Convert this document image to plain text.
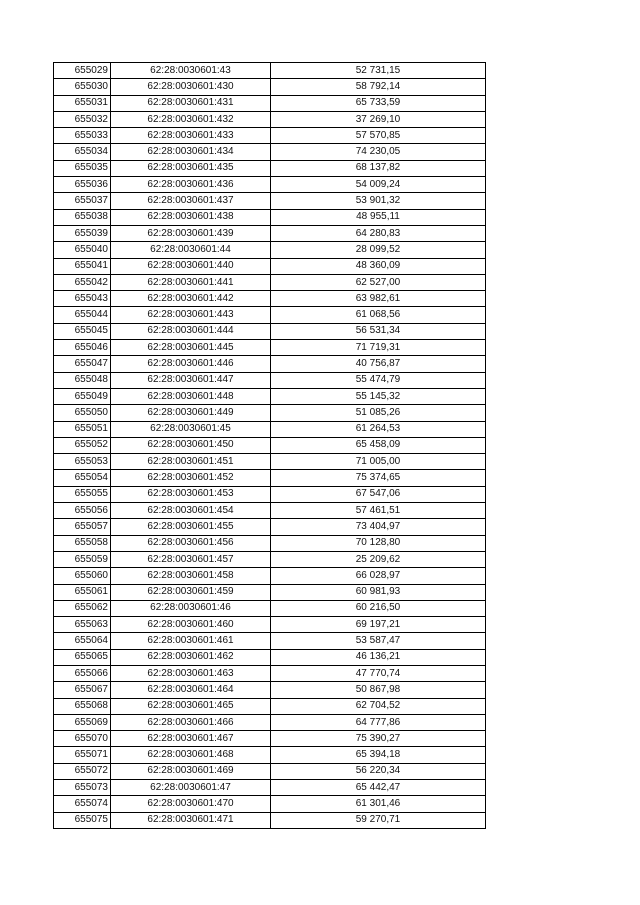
655029	62:28:0030601:43	52 731,15
655030	62:28:0030601:430	58 792,14
655031	62:28:0030601:431	65 733,59
655032	62:28:0030601:432	37 269,10
655033	62:28:0030601:433	57 570,85
655034	62:28:0030601:434	74 230,05
655035	62:28:0030601:435	68 137,82
655036	62:28:0030601:436	54 009,24
655037	62:28:0030601:437	53 901,32
655038	62:28:0030601:438	48 955,11
655039	62:28:0030601:439	64 280,83
655040	62:28:0030601:44	28 099,52
655041	62:28:0030601:440	48 360,09
655042	62:28:0030601:441	62 527,00
655043	62:28:0030601:442	63 982,61
655044	62:28:0030601:443	61 068,56
655045	62:28:0030601:444	56 531,34
655046	62:28:0030601:445	71 719,31
655047	62:28:0030601:446	40 756,87
655048	62:28:0030601:447	55 474,79
655049	62:28:0030601:448	55 145,32
655050	62:28:0030601:449	51 085,26
655051	62:28:0030601:45	61 264,53
655052	62:28:0030601:450	65 458,09
655053	62:28:0030601:451	71 005,00
655054	62:28:0030601:452	75 374,65
655055	62:28:0030601:453	67 547,06
655056	62:28:0030601:454	57 461,51
655057	62:28:0030601:455	73 404,97
655058	62:28:0030601:456	70 128,80
655059	62:28:0030601:457	25 209,62
655060	62:28:0030601:458	66 028,97
655061	62:28:0030601:459	60 981,93
655062	62:28:0030601:46	60 216,50
655063	62:28:0030601:460	69 197,21
655064	62:28:0030601:461	53 587,47
655065	62:28:0030601:462	46 136,21
655066	62:28:0030601:463	47 770,74
655067	62:28:0030601:464	50 867,98
655068	62:28:0030601:465	62 704,52
655069	62:28:0030601:466	64 777,86
655070	62:28:0030601:467	75 390,27
655071	62:28:0030601:468	65 394,18
655072	62:28:0030601:469	56 220,34
655073	62:28:0030601:47	65 442,47
655074	62:28:0030601:470	61 301,46
655075	62:28:0030601:471	59 270,71
